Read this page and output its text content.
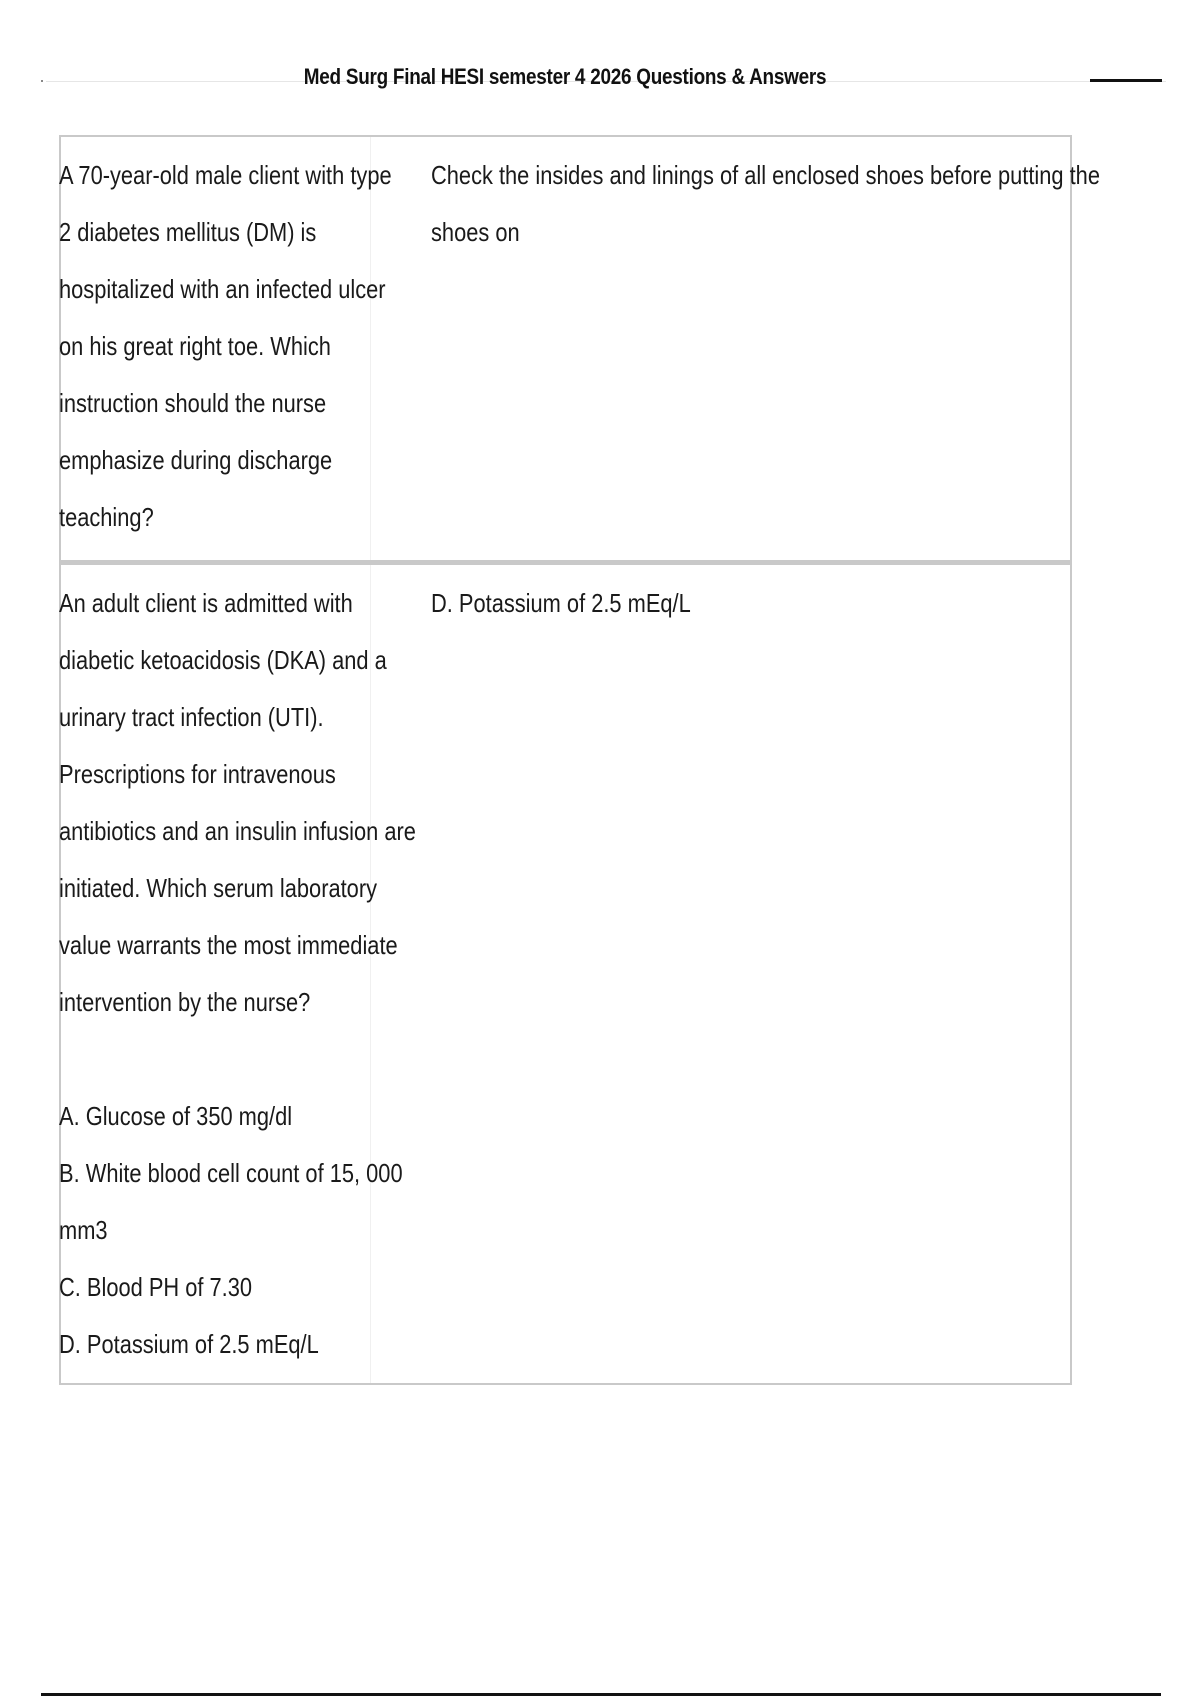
Med Surg Final HESI semester 4 2026 Questions & Answers
A 70-year-old male client with type
2 diabetes mellitus (DM) is
hospitalized with an infected ulcer
on his great right toe. Which
instruction should the nurse
emphasize during discharge
teaching?
Check the insides and linings of all enclosed shoes before putting the
shoes on
An adult client is admitted with
diabetic ketoacidosis (DKA) and a
urinary tract infection (UTI).
Prescriptions for intravenous
antibiotics and an insulin infusion are
initiated. Which serum laboratory
value warrants the most immediate
intervention by the nurse?
A. Glucose of 350 mg/dl
B. White blood cell count of 15, 000
mm3
C. Blood PH of 7.30
D. Potassium of 2.5 mEq/L
D. Potassium of 2.5 mEq/L
